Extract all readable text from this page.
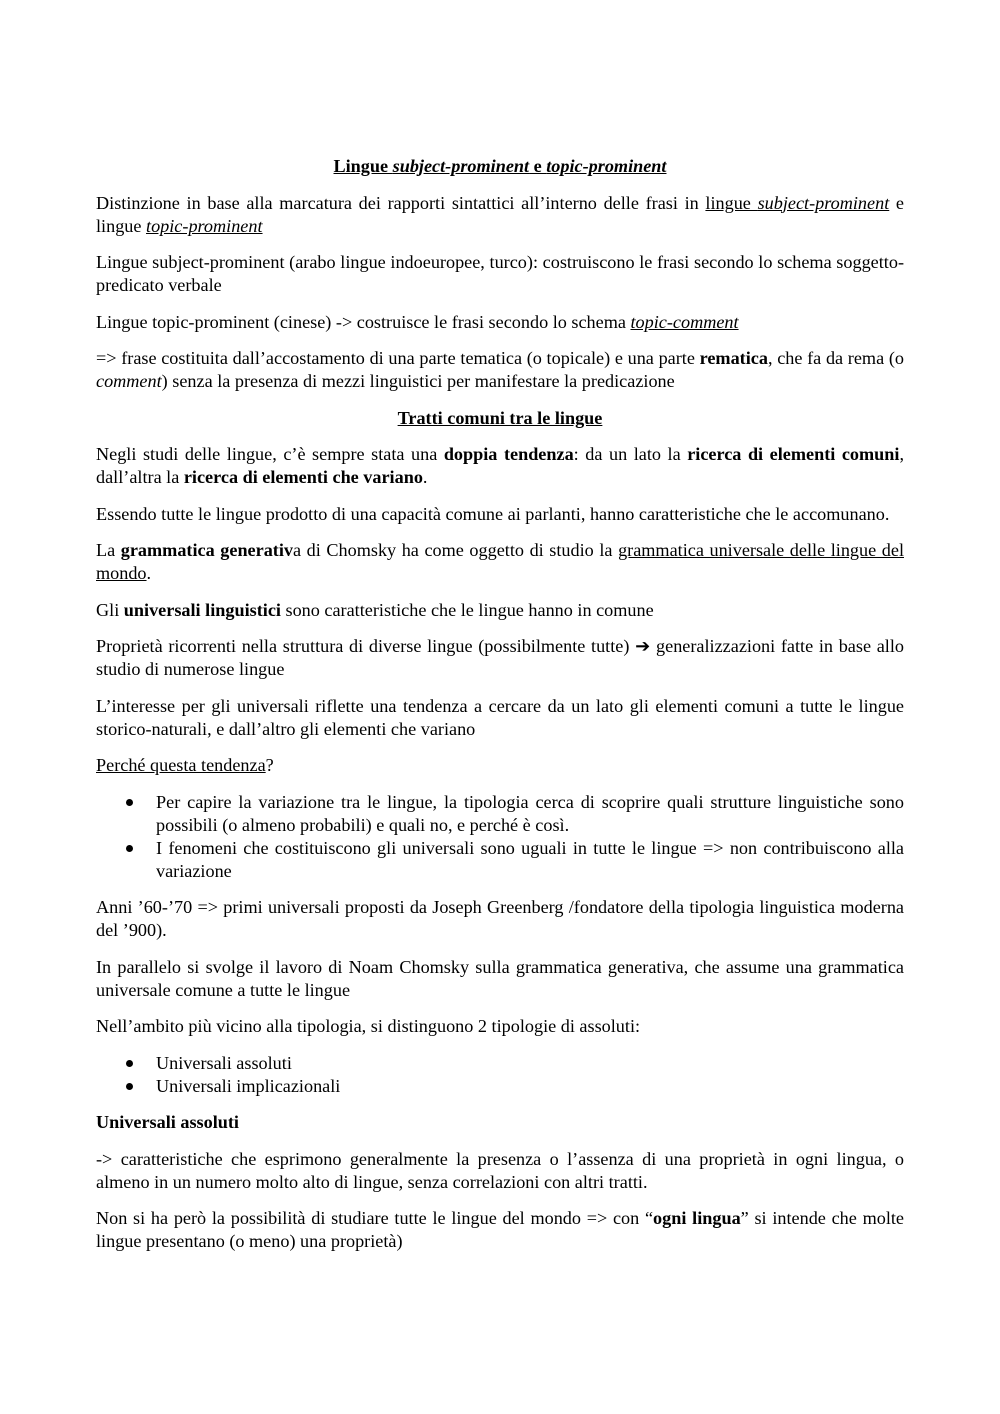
Lingue subject-prominent e topic-prominent

Distinzione in base alla marcatura dei rapporti sintattici all’interno delle frasi in lingue subject-prominent e lingue topic-prominent

Lingue subject-prominent (arabo lingue indoeuropee, turco): costruiscono le frasi secondo lo schema soggetto-predicato verbale

Lingue topic-prominent (cinese) -> costruisce le frasi secondo lo schema topic-comment

=> frase costituita dall’accostamento di una parte tematica (o topicale) e una parte rematica, che fa da rema (o comment) senza la presenza di mezzi linguistici per manifestare la predicazione

Tratti comuni tra le lingue

Negli studi delle lingue, c’è sempre stata una doppia tendenza: da un lato la ricerca di elementi comuni, dall’altra la ricerca di elementi che variano.

Essendo tutte le lingue prodotto di una capacità comune ai parlanti, hanno caratteristiche che le accomunano.

La grammatica generativa di Chomsky ha come oggetto di studio la grammatica universale delle lingue del mondo.

Gli universali linguistici sono caratteristiche che le lingue hanno in comune

Proprietà ricorrenti nella struttura di diverse lingue (possibilmente tutte) ➔ generalizzazioni fatte in base allo studio di numerose lingue

L’interesse per gli universali riflette una tendenza a cercare da un lato gli elementi comuni a tutte le lingue storico-naturali, e dall’altro gli elementi che variano

Perché questa tendenza?

Per capire la variazione tra le lingue, la tipologia cerca di scoprire quali strutture linguistiche sono possibili (o almeno probabili) e quali no, e perché è così.
I fenomeni che costituiscono gli universali sono uguali in tutte le lingue => non contribuiscono alla variazione

Anni ’60-’70 => primi universali proposti da Joseph Greenberg /fondatore della tipologia linguistica moderna del ’900).

In parallelo si svolge il lavoro di Noam Chomsky sulla grammatica generativa, che assume una grammatica universale comune a tutte le lingue

Nell’ambito più vicino alla tipologia, si distinguono 2 tipologie di assoluti:

Universali assoluti
Universali implicazionali

Universali assoluti

-> caratteristiche che esprimono generalmente la presenza o l’assenza di una proprietà in ogni lingua, o almeno in un numero molto alto di lingue, senza correlazioni con altri tratti.

Non si ha però la possibilità di studiare tutte le lingue del mondo => con “ogni lingua” si intende che molte lingue presentano (o meno) una proprietà)
